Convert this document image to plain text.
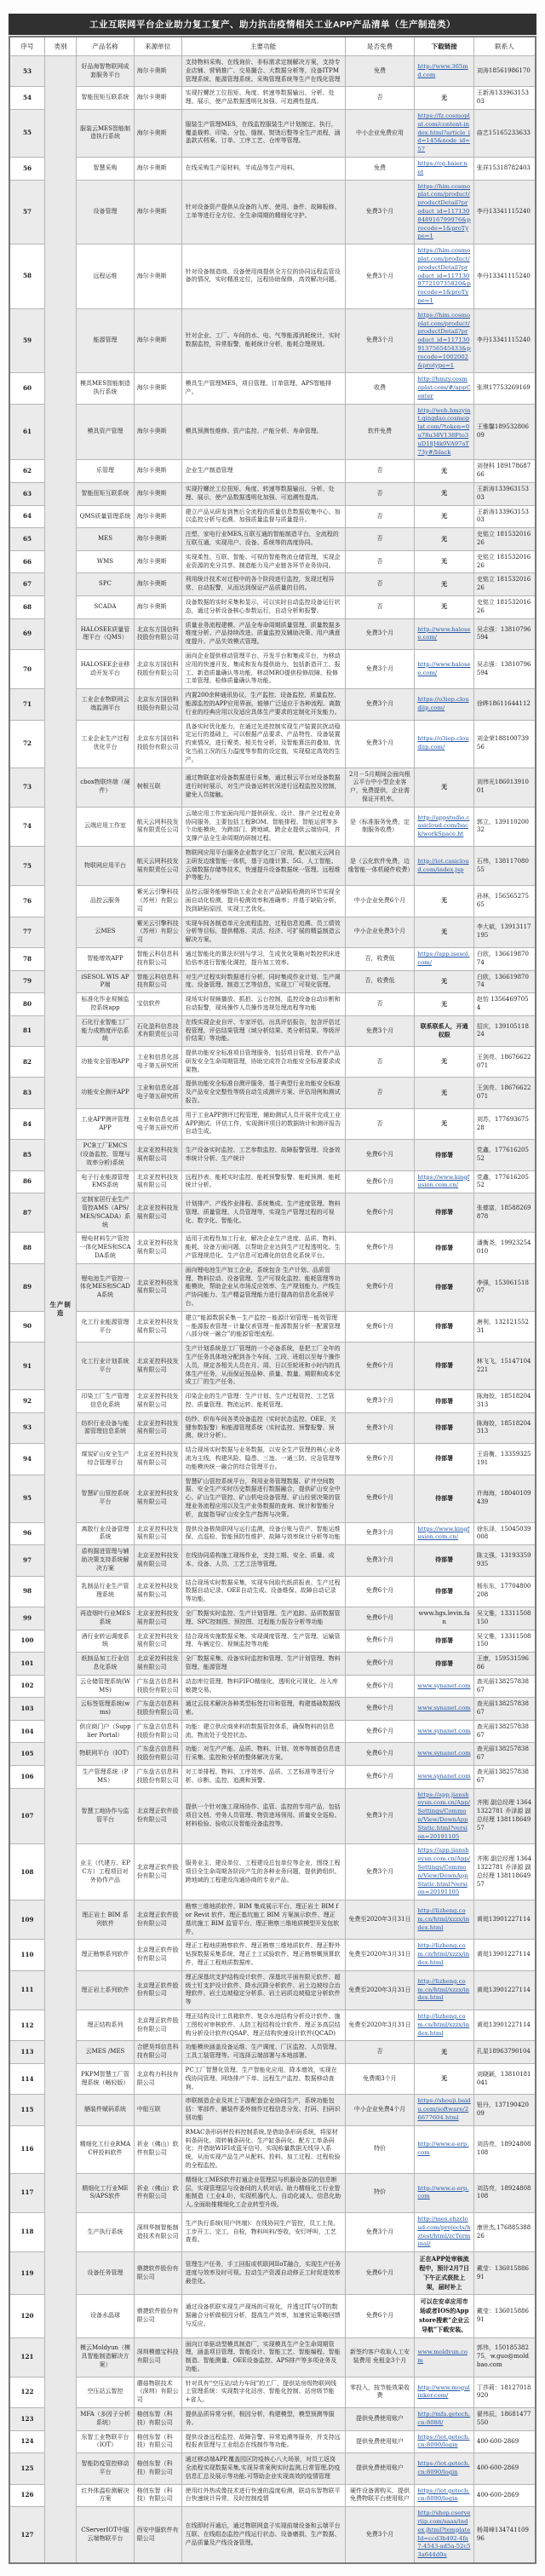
工业互联网平台企业助力复工复产、助力抗击疫情相关工业APP产品清单（生产制造类）
序号	类别	产品名称	来源单位	主要功能	是否免费	下载链接	联系人
53	生产制造	好品海智物联网成套服务平台	海尔卡奥斯	支持物料采购、在线询价、非标需求定制解决方案，支持专业店铺、营销推广、交易撮合、大数据分析等，设备ITPM管理系统、能源管理系统、采购管理系统等生产在线化管理	免费	http://www.365md.com	刘涛18561986170
54		智能扭矩互联系统	海尔卡奥斯	实现拧螺丝工位扭矩、角度、转速等数据输出、分析、处理、展示，使产品数据透明化加强、可追溯性提高。	否	无	王新涛13396315303
55		服装云MES智能制造执行系统	海尔卡奥斯	服装生产管理MES，在线监控服装生产计划制定、执行，覆盖裁剪、印染、分包、缝制、熨烫后整等全生产流程，涵盖款式档案、订单、工序工艺、仓库等管理。	中小企业免费应用	https://fz.cosmoplat.com/content-index.html?article_id=145&node_id=57	曲艺15165233633
56		智慧采购	海尔卡奥斯	在线采购生产原材料，半成品等生产用料。	免费	https://cg.haier.net	张祥15318782403
57		设备管理	海尔卡奥斯	针对设备资产提供从设备的入库、使用、备件、故障报修、工单等进行全方位、全生命周期的精细化守护。	免费3个月	https://him.cosmoplat.com/product/productDetail?product_id=117130848916799976&procode=1&proType=1	李丹13341115240
58		远程运维	海尔卡奥斯	针对设备制造商、设备使用商提供全方位的协同远程监管设备的情况，实时精准定位，远程协助保修，高效解决问题。	免费3个月	https://him.cosmoplat.com/product/productDetail?product_id=117130877210735820&procode=1&proType=1	李丹13341115240
59		能源管理	海尔卡奥斯	针对企业、工厂、车间的水、电、气等能源消耗统计，实时数据监控，异常报警，能耗统计分析，能耗合理规划。	免费3个月	https://him.cosmoplat.com/product/productDetail?product_id=117130913756545433&procode=1002002&protype=1	李丹13341115240
60		模具MES智能制造执行系统	海尔卡奥斯	模具生产管理MES，项目管理、订单管理、APS智能排产。	收费	http://hmzy.cosmoplat.com/#/appCenter	张琪17753269169
61		模具资产管理	海尔卡奥斯	模具预测性维修、资产监控、产能分析、寿命管理。	软件免费	http://web.hmzyint.qingdao.cosmoplat.com/?token=0u78u38V138Fto3uD18J4k0VA97aT73y#/black	王雅馨18953280609
62		乐管理	海尔卡奥斯	企业生产制造管理	否	无	刘登科 18917868766
63		智能扭矩互联系统	海尔卡奥斯	实现拧螺丝工位扭矩、角度、转速等数据输出、分析、处理、展示，使产品数据透明化加强、可追溯性提高。	否	无	王新涛13396315303
64		QMS质量管理系统	海尔卡奥斯	建立产品从研发到售后全流程的质量信息数据收集中心、加以监控分析与追溯、加强质量监督与质量提升。	否	无	王新涛13396315303
65		MES	海尔卡奥斯	注塑、家电行业MES,互联互通的智能制造平台，全流程的互联互通，实现用户、设备、系统等的高度协同。	否	无	史铭立 18153201626
66		WMS	海尔卡奥斯	实现柔性、互联、智能、可视的智能物流仓储管理，实现企业资源的充分共享、制造能力及产业链各环节业务协同。	否	无	史铭立 18153201626
67		SPC	海尔卡奥斯	利用统计技术对过程中的各个阶段进行监控，发现过程异常、自动报警，从而达到保证产品质量的目的。	否	无	史铭立 18153201626
68		SCADA	海尔卡奥斯	设备数据的实时采集和显示，可以实时自动监控设备运行状态，通过分析设备核心参数运行，自动分析和报警。	否	无	史铭立 18153201626
69		HALOSEE质量管理平台（QMS）	北京东方国信科技股份有限公司	质量业务流程建模、产品全寿命周期质量管理、质量数据多维度分析、产品持续改进、质量监控及辅助决策、用户满意度提升、产品失效模式管理。	免费3个月	http://www.halosee.com/	吴志强：13810796594
70		HALOSEE企业移动开发平台	北京东方国信科技股份有限公司	面向企业提供移动管理平台、开发平台和集成平台，为移动应用的快速开发、集成和发布提供助力，包括新造开工、报工、新造质量确认等功能，移动MRO提供检修故障、检修工单管理、检修质量确认等功能。	免费3个月	http://www.halosee.com/	吴志强：13810796594
71		工业企业物联网云端监测平台	北京东方国信科技股份有限公司	内置200余种通讯协议，生产监控、设备监控、质量监控、能源监控的APP应用界面，能够广泛适应于各种流程、离散行业的经典应用以及适应具体生产要求的定制化开发能力。	免费3个月	https://o3iop.cloudiip.com/	徐晔18611644112
72		工业企业生产过程优化平台	北京东方国信科技股份有限公司	具备实时优化能力，在通过先进控制实现生产装置抗扰动稳定运行的基础上，可以根据产品要求、产品特性、设备装置约束情况，进行聚类、相关性分析，及智能算法的叠加，优化当前工况的压力温度等参数的设定值，实现稳定高效的生产。	免费3个月	https://o3iop.cloudiip.com/	刘金荣18810073956
73		cbox物联终端（硬件）	树根互联	通过物联盒对设备数据进行采集，通过根云平台对设备数据进行时时展示，对生产设备运转状况进行远程监控及控制，避免人员接触。	2月－5月期间会面向根云平台中小型企业客户，免费提供，企业需保证开机率。	无	刘伟光18601391001
74		云端应用工作室	航天云网科技发展有限责任公司	云端应用工作室面向用户提供研发、设计、排产全过程业务协同服务，主要包括工程BOM、智能排程、智能运营等多个功能模块，为跨部门、跨地域、跨企业提供云端协同，并支撑产品全生命周期的研制过程。	是（标准服务免费，定制服务收费）	http://appstudio.casicloud.com/back/workSpace.ht	郭立，13911020032
75		物联网应用平台	航天云网科技发展有限责任公司	物联网应用平台服务企业数字化工厂应用，配以航天云网自主研发边缘智能一体机，基于边缘计算、5G、人工智能、云端数据存储等技术，快速提升设备数据统一管理、远程维护等能力。	是（云化软件免费，边缘智能一体机硬件收费）	http://iot.casicloud.com/index.jsp	石伟，13811708055
76		品控云服务	紫光云引擎科技（苏州）有限公司	品控云服务能够帮助工业企业在产品缺陷检测的环节实现全面自动化检测，提升检测效率和准确率；并基于缺陷分析，找到缺陷原因，实现工艺优化。	中小企业免费6个月	无	孙林，15656527565
77		云MES	紫光云引擎科技（苏州）有限公司	实现车间各制造单元全流程监控、过程信息追溯、员工绩效分析等目标，提供精准、灵活、经济、可扩展的精益制造云解决方案。	中小企业免费3个月	无	李大斌，13913117195
78		智能增效APP	智能云科信息科技有限公司	通过智能化的算法识别与学习，生成优化策略对数控机床进给倍率进行智能化调控，提升加工效率。	否，收费低	https://app.isesol.com/	白欧，13661987074
79		iSESOL WIS APP端	智能云科信息科技有限公司	对生产过程实时数据进行分析，同时集成作业计划、生产调度、设备管理、制造工艺等信息，实现工厂可视化管理。	否，收费低	无	白欧，13661987074
80		标准化作业视频监控系统app	宝信软件	现场实时视频播放、抓拍、云台控制，监控设备自动诊断和自动报警，现场操作人员操作违规处理流程等功能	否	无	赵怡 13564697054
81		石化行业智能工厂能力成熟度评估系统	石化盈科信息技术有限责任公司	在线实现企业自评、专家评估，出具评估报告，包含评估过程管理、评估结果管理（域分析结果、类分析结果、等级评价结果）等功能。	免费3个月	联系联系人，开通权限	招庆，13910511824
82		功能安全管理APP	工业和信息化部电子第五研究所	提供功能安全标准项目管理服务，包括项目管理、软件产品研发安全生命周期管理，协助完成符合功能安全标准要求成果物。	否	无	王剑亮、18676622071
83		功能安全测评APP	工业和信息化部电子第五研究所	提供功能安全标准自测评服务，基于典型行业功能安全标准及产品安全完整性等级自动生成测评方案、评估用例和测试报告。	否	无	王剑亮、18676622071
84		工业APP测评管理APP	工业和信息化部电子第五研究所	用于工业APP测评过程管理，辅助测试人员开展并完成工业APP测试、评估工作，实现测评项目的数据统计和测评报告自动生成。	否	无	刘苏，17769367528
85		PCB工厂EMCS(设备监控、管理与效率分析)系统	北京亚控科技发展有限公司	生产设备实时监控、工艺参数监控、故障报警管理、设备效率统计分析、生产统计	免费6个月	待部署	党鑫，17761620552
86		电子行业能源管理EMS系统	北京亚控科技发展有限公司	远程抄表、能耗实时监控、能耗预警报警、能耗预测、能耗统计分析。	免费6个月	https://www.kingfusion.com.cn/	党鑫，17761620552
87		定制家居行业生产管控AMS（APS/MES/SCADA）系统	北京亚控科技发展有限公司	计划排产、产线作业排程、系统集成、生产进度管理、物料管理、质量管理、人员管理等，实现生产管理过程的可视化、数字化、智能化。	免费6个月	待部署	张德富，18588269878
88		锂电材料生产管控一体化MES和SCADA系统	北京亚控科技发展有限公司	适用于流程性加工行业，解决企业生产进度、品质、物料、能耗、设备方面问题，以帮助企业达到生产过程透明化、生产管理规范化、生产信息可追溯化的信息化系统平台。	免费6个月	待部署	潘衡尧，19923254010
89		锂电池生产管控一体化MES和SCADA系统	北京亚控科技发展有限公司	面向锂电池生产加工企业，系统包含 生产计划、品质管理、物料拉动、设备管理、生产可视化监控、能耗管理等功能模块，帮助企业从市场反应效率、生产规划能力、产线生产协同能力、生产精益管理能力进行提高的信息化系统平台。	免费6个月	待部署	李强，15306151807
90		化工行业能源管理平台	北京亚控科技发展有限公司	建立“能源数据采集－生产监控－能源计划管理－能效管理－能源报表管理－计量仪表管理－能源数据分析－配置管理八部分统一融合”的能源管理流程。	免费6个月	待部署	唐利，13212155231
91		化工行业计划系统平台	北京亚控科技发展有限公司	生产计划系统是工厂管理的一个必备系统，是把工厂全年的生产任务具体地分配到各个车间、工段、班组以至每个操作人员，规定各相关人员在月、周、日以至轮班和小时内的具体生产任务，从而保证按品种、质量、数量、期限和成本完成工厂的生产任务。	免费6个月	待部署	林飞飞，15147104221
92		印染工厂生产管理信息化系统	北京亚控科技发展有限公司	印染企业的生产管理：生产计划、生产过程管控、工艺管控、质量管理、物流运转、能耗管理。	免费3个月	待部署	陈海姣，18518204313
93		纺织行业设备与能源管理信息系统	北京亚控科技发展有限公司	纺纱、织布车间各类设备监控（实时状态监控、OEE、关键参数报警）和能源管理系统（实时监控、预警报警、预测、统计分析）。	免费3个月	待部署	陈海姣，18518204313
94		煤炭矿山安全生产综合管理平台	北京亚控科技发展有限公司	结合现场实时数据与业务数据，以安全生产管理的核心业务流为主线，构建风险、隐患、三违、一通三防、应急管理等功能模块统一融合的综合管理平台。	免费6个月	待部署	王语衡，13359325191
95		智慧矿山管控系统平台	北京亚控科技发展有限公司	智慧矿山管控系统平台，利用业务管理数据、矿井空间数据、安全生产实时历史数据进行数据融合，提供矿山安全中心、矿山生产管控、矿山机电设备管理、矿山经营决策的管理业务流程应用以及生产业务数据的查询、统计和智能分析，直接指导矿山安全生产指挥与决策。	免费6个月	待部署	许海海，18040109439
96		离散行业设备管理系统	北京亚控科技发展有限公司	提供设备极简联网与运行监测，设备台账与资产、智能运维保、点巡检、智能预防性维护、故障与效率统计分析等功能	免费3个月	https://www.kingfusion.com.cn/	徐东泽，15045039008
97		盾构掘进管理与辅助决策支持系统解决方案	北京亚控科技发展有限公司	在线协同盾构施工现场作业，支持工期、安全、质量、成本、设备、人员、工艺工法等管理。	免费3个月	待部署	陈文强，13193359935
98		乳制品行业生产管理系统	北京亚控科技发展有限公司	结合现场实时数据采集，实现车间取代纸质报表、生产过程数据自动记录、OEE自动生成、设备维保、故障自动记录等功能。	免费6个月	待部署	杨东东，17704800208
99		再造烟叶行业MES系统	北京亚控科技发展有限公司	全厂数据实时监控、生产计划管理、生产追踪、品质数据管理、SPC控制图、预控图、过程能力报告分析等功能	免费6个月	www.hgs.levin.fan	吴文雅，13311508150
100		酒行业转运调度系统	北京亚控科技发展有限公司	结合现场实施数据采集、实现调度管理、生产管理、运输管理、车辆定位、视频监控等功能	免费6个月	待部署	吴文雅，13311508150
101		纸制品加工行业信息化系统	北京亚控科技发展有限公司	全厂数据采集、设备实时监控和管理、生产计划管理、物料管理、能源管理	免费6个月	待部署	王康，15953159686
102		云仓储管理系统(WMS)	广东盘古信息科技股份有限公司	动态库位管理、物料FIFO精细化、透明化可视化、出入库敏捷交易。	免费6个月	www.synanet.com	查光丽13825783867
103		云标签管理系统(wms)	广东盘古信息科技股份有限公司	通过云技术解决各种类型标签打印和管理，构建基础数据线索。	免费6个月	www.synanet.com	查光丽13825783867
104		供应商门户（Supplier Portal）	广东盘古信息科技股份有限公司	功能：建立供应商来料的数据管控体系，确保物料的信息流、物流处于受控状态。	免费6个月	www.synanet.com	查光丽13825783867
105		物联网平台（IOT）	广东盘古信息科技股份有限公司	功能：对生产产能、品质、物料、计划、效率等制造信息进行采集、监控和分析的整体解决方案。	免费6个月	www.synanet.com	查光丽13825783867
106		生产管理系统（PMS）	广东盘古信息科技股份有限公司	对工单排程、物料、工序效率、品质、工艺标准等进行分析、诊断、监控、追溯和预警。	免费6个月	www.synanet.com	查光丽13825783867
107		智慧工地协作与监管平台	北京理正软件股份有限公司	提供一个针对施工现场协作、监管、监控的专用产品，包括项目文档、劳务人员管理、物资进场领用、质量安全巡检、材料检验、验收以及智能设备监控等。	免费3个月	https://app.jiansheyun.com.cn/App/Settings/Common/View/DownAppStatic.html?version=20191105	齐刚 副总经理 13641322781 乔泽源 副总经理 13811864957
108		业主（代建方、EPC方）工程项目对外协作产品	北京理正软件股份有限公司	服务业主、建设单位、工程建设总包单位等企业，围绕工程项目全生命周期各阶段产生的各种业务问题，提供跨组织、跨地域的工程建设沟通协商的专业产品。	免费3个月	https://app.jiansheyun.com.cn/App/Settings/Common/View/DownAppStatic.html?version=20191105	齐刚 副总经理 13641322781 乔泽源 副总经理 13811864957
109		理正岩土 BIM 系列软件	北京理正软件股份有限公司	勘察三维地质软件、BIM 集成展示平台、理正岩土 BIM for Revit 软件、理正基坑施工 BIM 方案演示软件、理正基坑施工 BIM 监管平台、理正勘察三维地质模型开发包软件。	免费至2020年3月31日	http://lizheng.com.cn/html/xzzx/index.html	黄珽13901227114
110		理正勘察系列软件	北京理正软件股份有限公司	理正工程地质勘察软件、理正勘察三维地质软件、理正野外钻探数据采集系统、理正土工试验软件、理正勘察概预算软件、理正工程地质数据库。	免费至2020年3月31日	http://lizheng.com.cn/html/xzzx/index.html	黄珽13901227114
111		理正岩土系列软件	北京理正软件股份有限公司	理正深基坑支护结构设计软件、深基坑平面有限元软件、超级土钉支护设计软件、降水沉降分析软件、岩土边坡综合治理软件、岩土边坡稳定分析系、岩土岩质边坡稳定分析软件等	免费至2020年3月31日	http://lizheng.com.cn/html/xzzx/index.html	黄珽13901227114
112		理正结构系列	北京理正软件股份有限公司	理正结构设计工具箱软件、复杂水池结构分析设计软件、施工图校对审核软件、人防工程结构设计软件、理正多高层结构分析设计软件(QSAP、理正结构快速设计软件(QCAD)	免费至2020年3月31日	http://lizheng.com.cn/html/xzzx/index.html	黄珽13901227114
113		云MES /MES	合肥昊邦信息科技有限公司	功能模块涵盖设备运维、生产调度、厂区监控、人员管理、工具工装管理等。可选择云端部署与本地部署。	否	无	孔星18963790104
114		PKPM智慧工厂管理系统（畅轻版）	北京构力科技有限公司	PC工厂智慧化管理、生产智能化应用，降本增效，实现在线协同管理、网络排产下单、远程生产监控、数据移动查询。	免费期3个月	无	刘晓颖，13810181041
115		舾装件赋码系统	中船互联	串联制造企业及其上下游配套企业协同生产，系统功能包括：零部件、舾装件委外制作过程信息分发、打码、扫码识别功能	中小企业免费4个月	https://shouji.baidu.com/software/26677604.html	钮丹，13719042009
116		精细化工行业RMAC秤投料软件	祈业（佛山）软件有限公司	RMAC条形码秤投料控制系统,是借助条形码系统，将原材料条码化、周转桶条码化、生产缸条码化、配方工单条码化；并借助WIFI或蓝牙信号，实现称量数据无线导入系统，从而实现产品生产从配料、投料、加工过程、过程检验的全程监控。	特价	http://www.e-erp.com	刘浩亮，18924808108
117		精细化工行业MES/APS软件	祈业（佛山）软件有限公司	精细化工MES软件打通企业管理层与机器设备层的信息断层，实现管理层与设备间的人机对话。助力精细化工行业智能制造（工业4.0），实现机器代人、自动化减人、信息化助人,全面助推精细化工企业转型升级。	特价	http://www.e-erp.com	刘浩亮，18924808108
118		生产执行系统	深圳华制智能制造技术有限公司	生产执行系统(用户终端)：在线协同生产管控，员工上岗，工步开工、完工，自检，物料叫料/签收，安灯呼叫，工艺查看。	免费3个月	http://mes.ehzcloud.com/projects/hztest/html/zcTerminal/	康世杰,17688538826
119		设备任务管理	鼎捷软件股份有限公司	管理生产任务，手工回报或机联网IIoT融合，实现生产任务进度与效率及时可视。拉动生产资源自动修正工时促进效率最佳化。	免费6个月	正在APP处审核流程中，预计2月7日下午正式获批上架，届时补上	戴莹：13601588691
120		设备水晶球	鼎捷软件股份有限公司	通过设备机联实现生产现场的可视化，并透过IT与OT的数据融合分析做根因分析，提高生产效率，加速营运策略回馈与反应。	免费6个月	可以在安卓应用市场或者IOS的App store搜索“企业云导航”下载安装。	戴莹：13601588691
121		模云Moldyun（模具智能制造解决方案）	深圳模德宝科技有限公司	面向订单驱动型模具制造厂，实现模具生产全生命周期管理，涵盖项目管理、智能设计、智能工艺、智能编程、智能制造、智能测量、OEE设备监控、APS排产等多项业务及功能。	新签约客户收取人工安装费用 免租金3个月	www.moldyun.com	郭伟，15018538275，w.guo@moldbao.com
122		空压站云智控	蘑菇物联技术（深圳）有限公司	针对具有“空压站/动力车间”的工厂，提供站房级物联网线上管理系统：实现数字化站房、智能化控制、站房级节能+省人。	零投入，按节能效果收费	http://www.mogulinker.com/	丁莎莉：18127018920
123		MFA（多因子分析系统）	格创东智（科技）有限公司	提供品质异常分析，根因分析，构建模型，模型预测等服务。	提供免费使用账户	http://mfa.getech.cn:8088/	翟伟辰，18681477550
124		东智工业物联平台（IOT）	格创东智（科技）有限公司	提供设备远程监控、故障告警、异常追溯等服务，并支持远程报表管理与工业组态在线制作等功能。	提供免费使用账户	https://iot.getech.cn:8090/login	400-600-2869
125		智能防疫管控移动平台	格创东智（科技）有限公司	通过移动端APP,覆盖园区防疫核心八大场景，对员工返岗全流程实现数据采集,实现异常案例实时监测,日常管理,防疫信息汇总及展示等功能.可帮助企业实现高效的疫情管理	提供免费使用账户	https://iot.getech.cn:8090/login	400-600-2869
126		红外体温检测解决方案	格创东智（科技）有限公司	使用红外热成像技术进行快速的温度检测，联动东智物联平台快速统计异常，及时控制疫情	硬件设备需购买，提供免费物联平台使用账户	https://iot.getech.cn:8090/login	400-600-2869
127		CServerIOT中服云端物联平台	西安中服软件有限公司	在线即时开通后，通过物联网盒子实现前端设备和云端平台互联、在线组态监控产线运行状态、设备磨损、生产数据、产品质量及产线设备管理。	免费3个月	http://shop.cserveriip.com/saas/index.jhtml?templateId=ccd3b492-4fa7-4543-ad5a-52c53a644d0a	杨周峰13474110996
